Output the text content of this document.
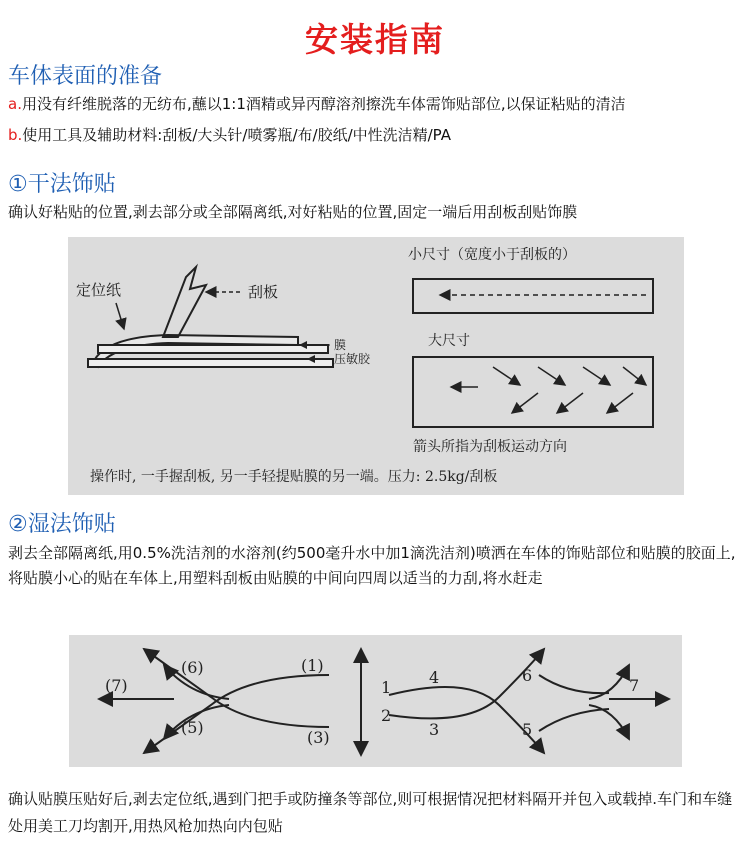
安装指南
车体表面的准备
a.用没有纤维脱落的无纺布,蘸以1:1酒精或异丙醇溶剂擦洗车体需饰贴部位,以保证粘贴的清洁
b.使用工具及辅助材料:刮板/大头针/喷雾瓶/布/胶纸/中性洗洁精/PA
①干法饰贴
确认好粘贴的位置,剥去部分或全部隔离纸,对好粘贴的位置,固定一端后用刮板刮贴饰膜
定位纸	刮板
膜
压敏胶
小尺寸（宽度小于刮板的）
大尺寸
箭头所指为刮板运动方向
操作时, 一手握刮板, 另一手轻提贴膜的另一端。压力: 2.5kg/刮板
②湿法饰贴
剥去全部隔离纸,用0.5%洗洁剂的水溶剂(约500毫升水中加1滴洗洁剂)喷洒在车体的饰贴部位和贴膜的胶面上,将贴膜小心的贴在车体上,用塑料刮板由贴膜的中间向四周以适当的力刮,将水赶走
(7)
(6)
(5)
(1)
(3)
1
2
4
3
6
5
7
确认贴膜压贴好后,剥去定位纸,遇到门把手或防撞条等部位,则可根据情况把材料隔开并包入或载掉.车门和车缝处用美工刀均割开,用热风枪加热向内包贴
